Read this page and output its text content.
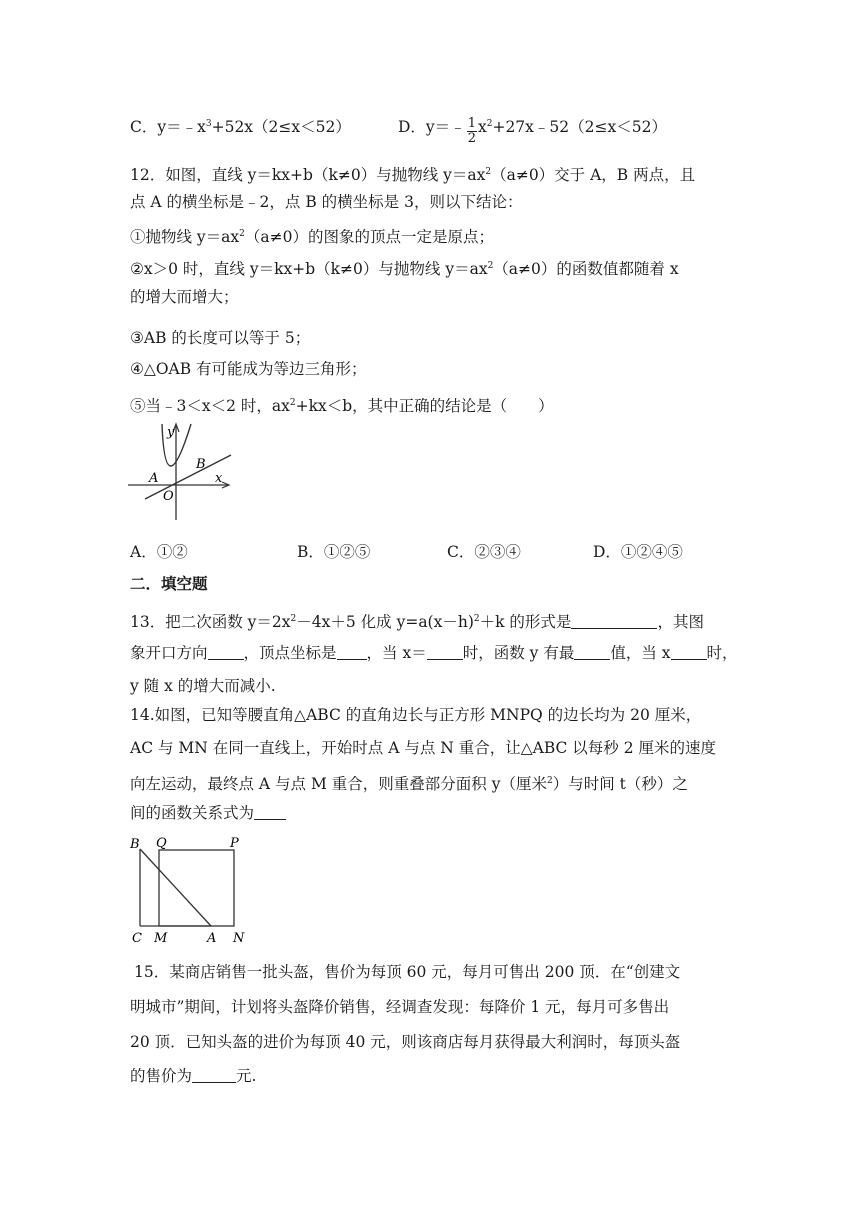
C．$y=﹣x^3+52x(2\le x<52)$	D．y＝﹣ $\frac{1}{2}$ $x^2+27x﹣52(2\le x<52)$
12．如图，直线 y＝kx+b（k≠0）与抛物线 $y=ax^2(a\ne 0)$交于 A，B 两点，且
点 A 的横坐标是﹣2，点 B 的横坐标是 3，则以下结论：
①抛物线 $y=ax^2(a\ne 0)$的图象的顶点一定是原点；
②x＞0 时，直线 y＝kx+b（k≠0）与抛物线 $y=ax^2(a\ne 0)$的函数值都随着 x
的增大而增大；
③AB 的长度可以等于 5；
④△OAB 有可能成为等边三角形；
⑤当﹣3＜x＜2 时，$ax^2+kx<b$，其中正确的结论是（　　）
y
x
A
B
O
A．①②	B．①②⑤	C．②③④	D．①②④⑤
二．填空题
13．把二次函数 $y=2x^2-4x+5$ 化成 $y=a(x-h)^2+k$ 的形式是	，其图
象开口方向 ，顶点坐标是 ，当 x＝ 时，函数 y 有最 值，当 x 时，
y 随 x 的增大而减小.
14.如图，已知等腰直角△ABC 的直角边长与正方形 MNPQ 的边长均为 20 厘米，
AC 与 MN 在同一直线上，开始时点 A 与点 N 重合，让△ABC 以每秒 2 厘米的速度
向左运动，最终点 A 与点 M 重合，则重叠部分面积 y（厘米$^2$）与时间 t（秒）之
间的函数关系式为
B Q	P
C M	A N
15．某商店销售一批头盔，售价为每顶 60 元，每月可售出 200 顶．在“创建文
明城市”期间，计划将头盔降价销售，经调查发现：每降价 1 元，每月可多售出
20 顶．已知头盔的进价为每顶 40 元，则该商店每月获得最大利润时，每顶头盔
的售价为	元.
